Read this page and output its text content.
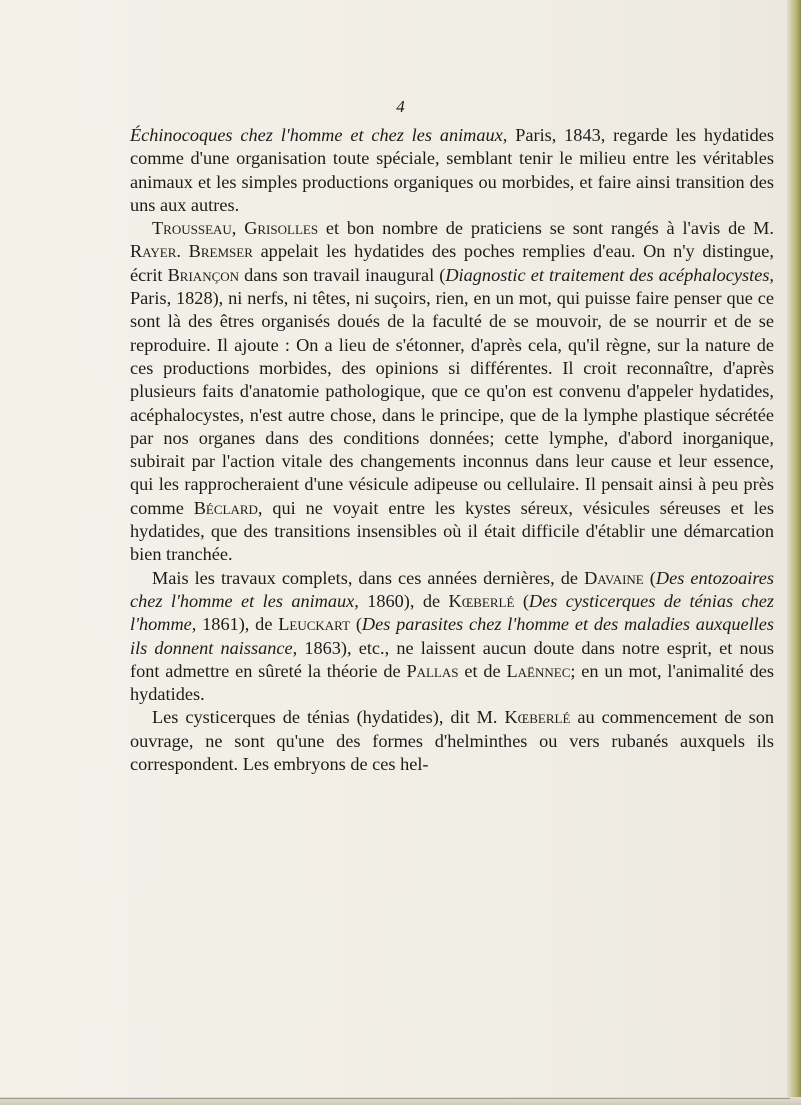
4

Échinocoques chez l'homme et chez les animaux, Paris, 1843, regarde les hydatides comme d'une organisation toute spéciale, semblant tenir le milieu entre les véritables animaux et les simples productions organiques ou morbides, et faire ainsi transition des uns aux autres.

Trousseau, Grisolles et bon nombre de praticiens se sont rangés à l'avis de M. Rayer. Bremser appelait les hydatides des poches remplies d'eau. On n'y distingue, écrit Briançon dans son travail inaugural (Diagnostic et traitement des acéphalocystes, Paris, 1828), ni nerfs, ni têtes, ni suçoirs, rien, en un mot, qui puisse faire penser que ce sont là des êtres organisés doués de la faculté de se mouvoir, de se nourrir et de se reproduire. Il ajoute : On a lieu de s'étonner, d'après cela, qu'il règne, sur la nature de ces productions morbides, des opinions si différentes. Il croit reconnaître, d'après plusieurs faits d'anatomie pathologique, que ce qu'on est convenu d'appeler hydatides, acéphalocystes, n'est autre chose, dans le principe, que de la lymphe plastique sécrétée par nos organes dans des conditions données; cette lymphe, d'abord inorganique, subirait par l'action vitale des changements inconnus dans leur cause et leur essence, qui les rapprocheraient d'une vésicule adipeuse ou cellulaire. Il pensait ainsi à peu près comme Béclard, qui ne voyait entre les kystes séreux, vésicules séreuses et les hydatides, que des transitions insensibles où il était difficile d'établir une démarcation bien tranchée.

Mais les travaux complets, dans ces années dernières, de Davaine (Des entozoaires chez l'homme et les animaux, 1860), de Kœberlé (Des cysticerques de ténias chez l'homme, 1861), de Leuckart (Des parasites chez l'homme et des maladies auxquelles ils donnent naissance, 1863), etc., ne laissent aucun doute dans notre esprit, et nous font admettre en sûreté la théorie de Pallas et de Laënnec; en un mot, l'animalité des hydatides.

Les cysticerques de ténias (hydatides), dit M. Kœberlé au commencement de son ouvrage, ne sont qu'une des formes d'helminthes ou vers rubanés auxquels ils correspondent. Les embryons de ces hel-
